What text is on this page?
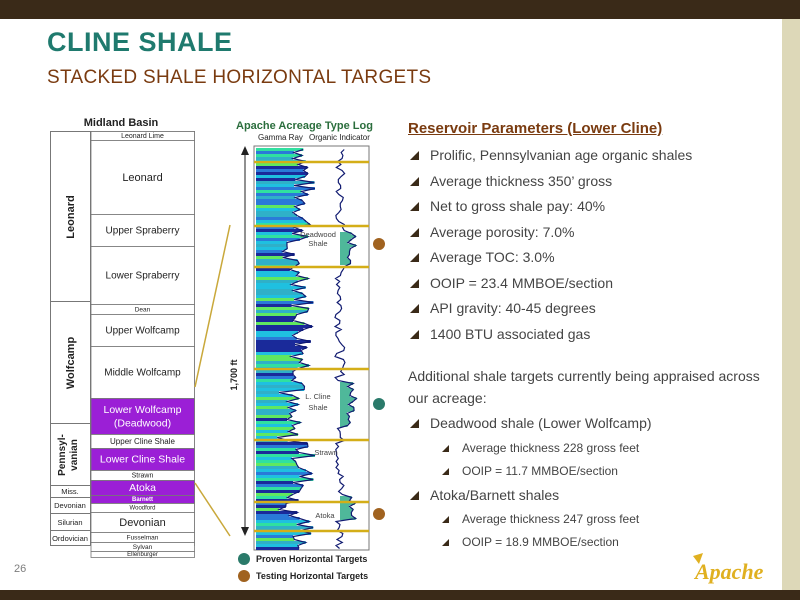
CLINE SHALE
STACKED SHALE HORIZONTAL TARGETS
Midland Basin
Leonard Lime
Leonard
Upper Spraberry
Lower Spraberry
Dean
Upper Wolfcamp
Middle Wolfcamp
Lower Wolfcamp
(Deadwood)
Upper Cline Shale
Lower Cline Shale
Strawn
Atoka
Barnett
Woodford
Devonian
Fusselman
Sylvan
Ellenburger
Leonard
Wolfcamp
Pennsyl- vanian
Miss.
Devonian
Silurian
Ordovician
Apache Acreage Type Log
Gamma Ray Organic Indicator
1,700 ft
Deadwood
Shale
L. Cline
Shale
Strawn
Atoka
Proven Horizontal Targets
Testing Horizontal Targets
Reservoir Parameters (Lower Cline)
Prolific, Pennsylvanian age organic shales
Average thickness 350’ gross
Net to gross shale pay: 40%
Average porosity: 7.0%
Average TOC: 3.0%
OOIP = 23.4 MMBOE/section
API gravity: 40-45 degrees
1400 BTU associated gas
Additional shale targets currently being appraised across our acreage:
Deadwood shale (Lower Wolfcamp)
Average thickness 228 gross feet
OOIP = 11.7 MMBOE/section
Atoka/Barnett shales
Average thickness 247 gross feet
OOIP = 18.9 MMBOE/section
26	Apache
